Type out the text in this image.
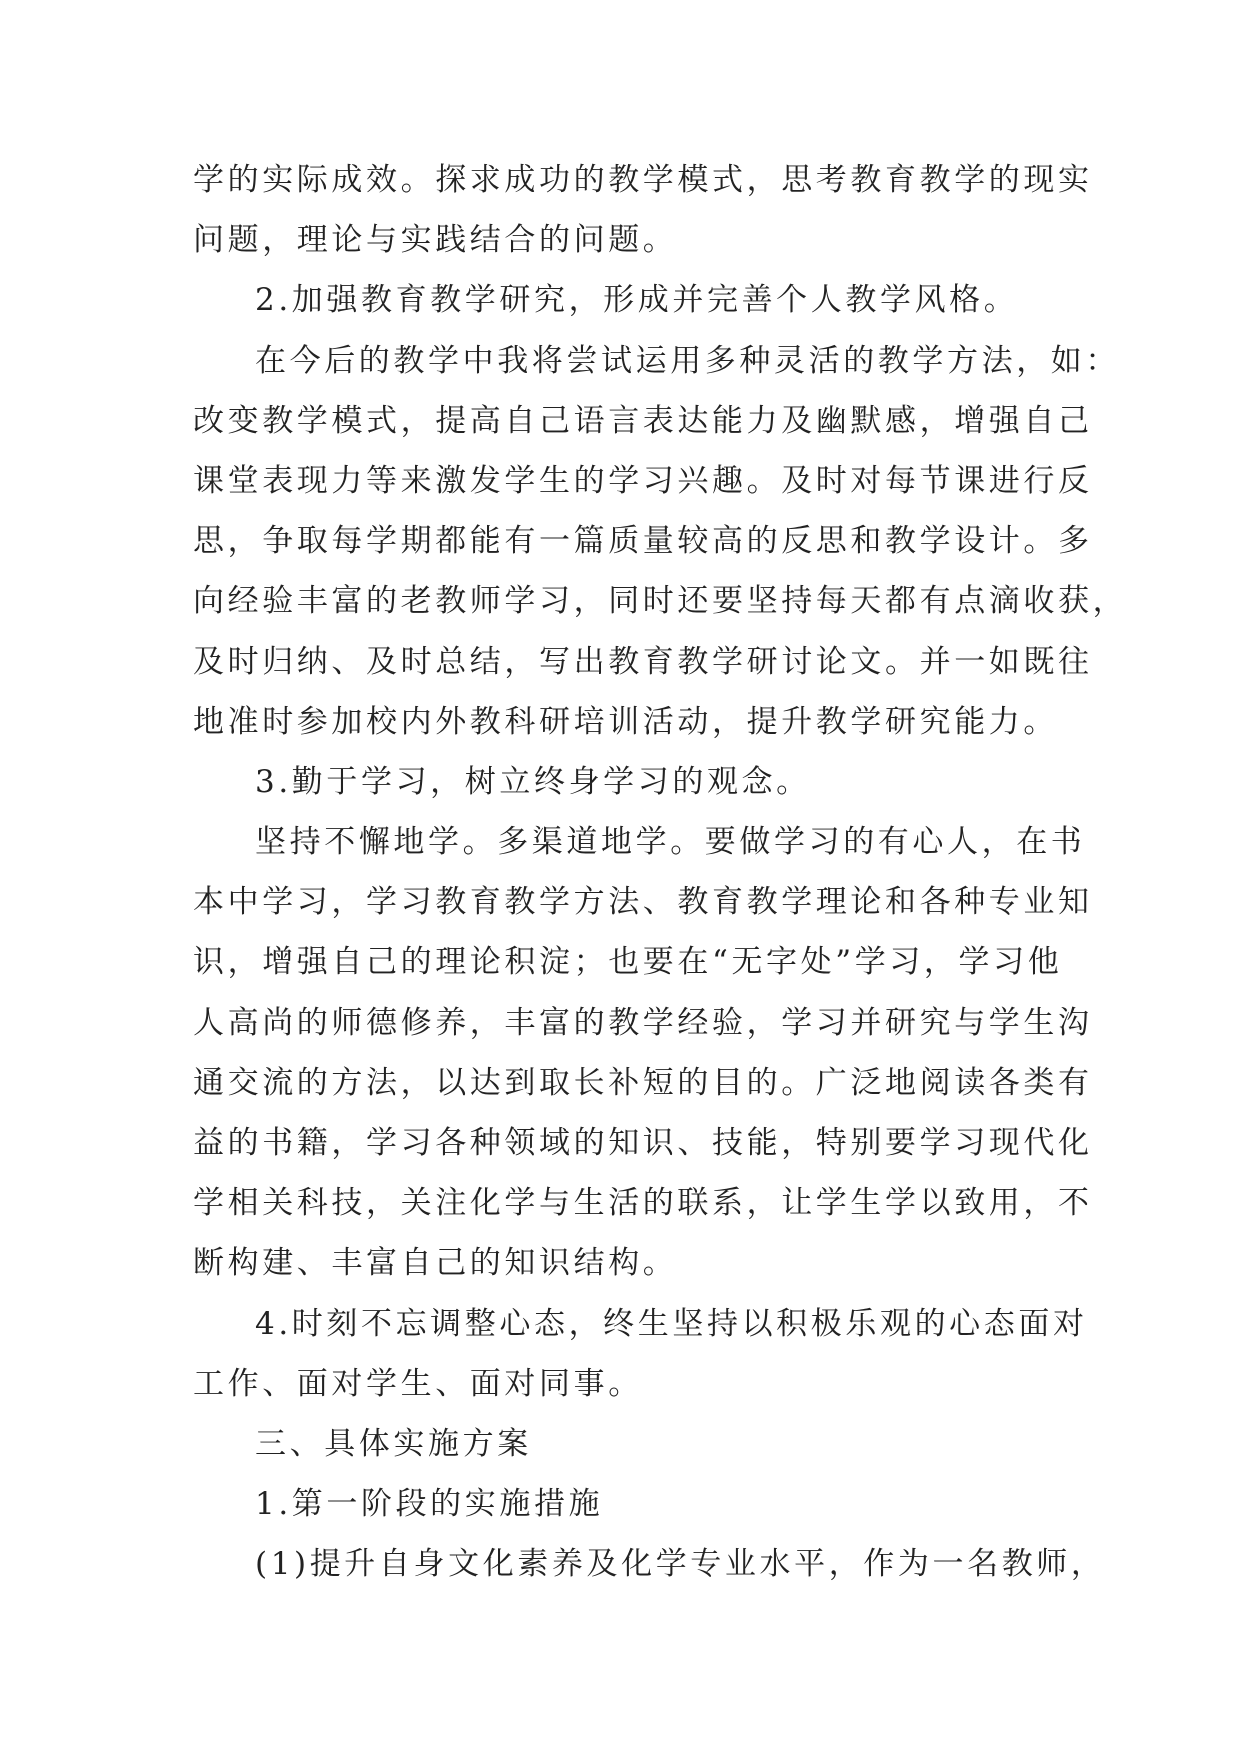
学的实际成效。探求成功的教学模式，思考教育教学的现实
问题，理论与实践结合的问题。
2.加强教育教学研究，形成并完善个人教学风格。
在今后的教学中我将尝试运用多种灵活的教学方法，如：
改变教学模式，提高自己语言表达能力及幽默感，增强自己
课堂表现力等来激发学生的学习兴趣。及时对每节课进行反
思，争取每学期都能有一篇质量较高的反思和教学设计。多
向经验丰富的老教师学习，同时还要坚持每天都有点滴收获，
及时归纳、及时总结，写出教育教学研讨论文。并一如既往
地准时参加校内外教科研培训活动，提升教学研究能力。
3.勤于学习，树立终身学习的观念。
坚持不懈地学。多渠道地学。要做学习的有心人，在书
本中学习，学习教育教学方法、教育教学理论和各种专业知
识，增强自己的理论积淀；也要在“无字处”学习，学习他
人高尚的师德修养，丰富的教学经验，学习并研究与学生沟
通交流的方法，以达到取长补短的目的。广泛地阅读各类有
益的书籍，学习各种领域的知识、技能，特别要学习现代化
学相关科技，关注化学与生活的联系，让学生学以致用，不
断构建、丰富自己的知识结构。
4.时刻不忘调整心态，终生坚持以积极乐观的心态面对
工作、面对学生、面对同事。
三、具体实施方案
1.第一阶段的实施措施
(1)提升自身文化素养及化学专业水平，作为一名教师，
